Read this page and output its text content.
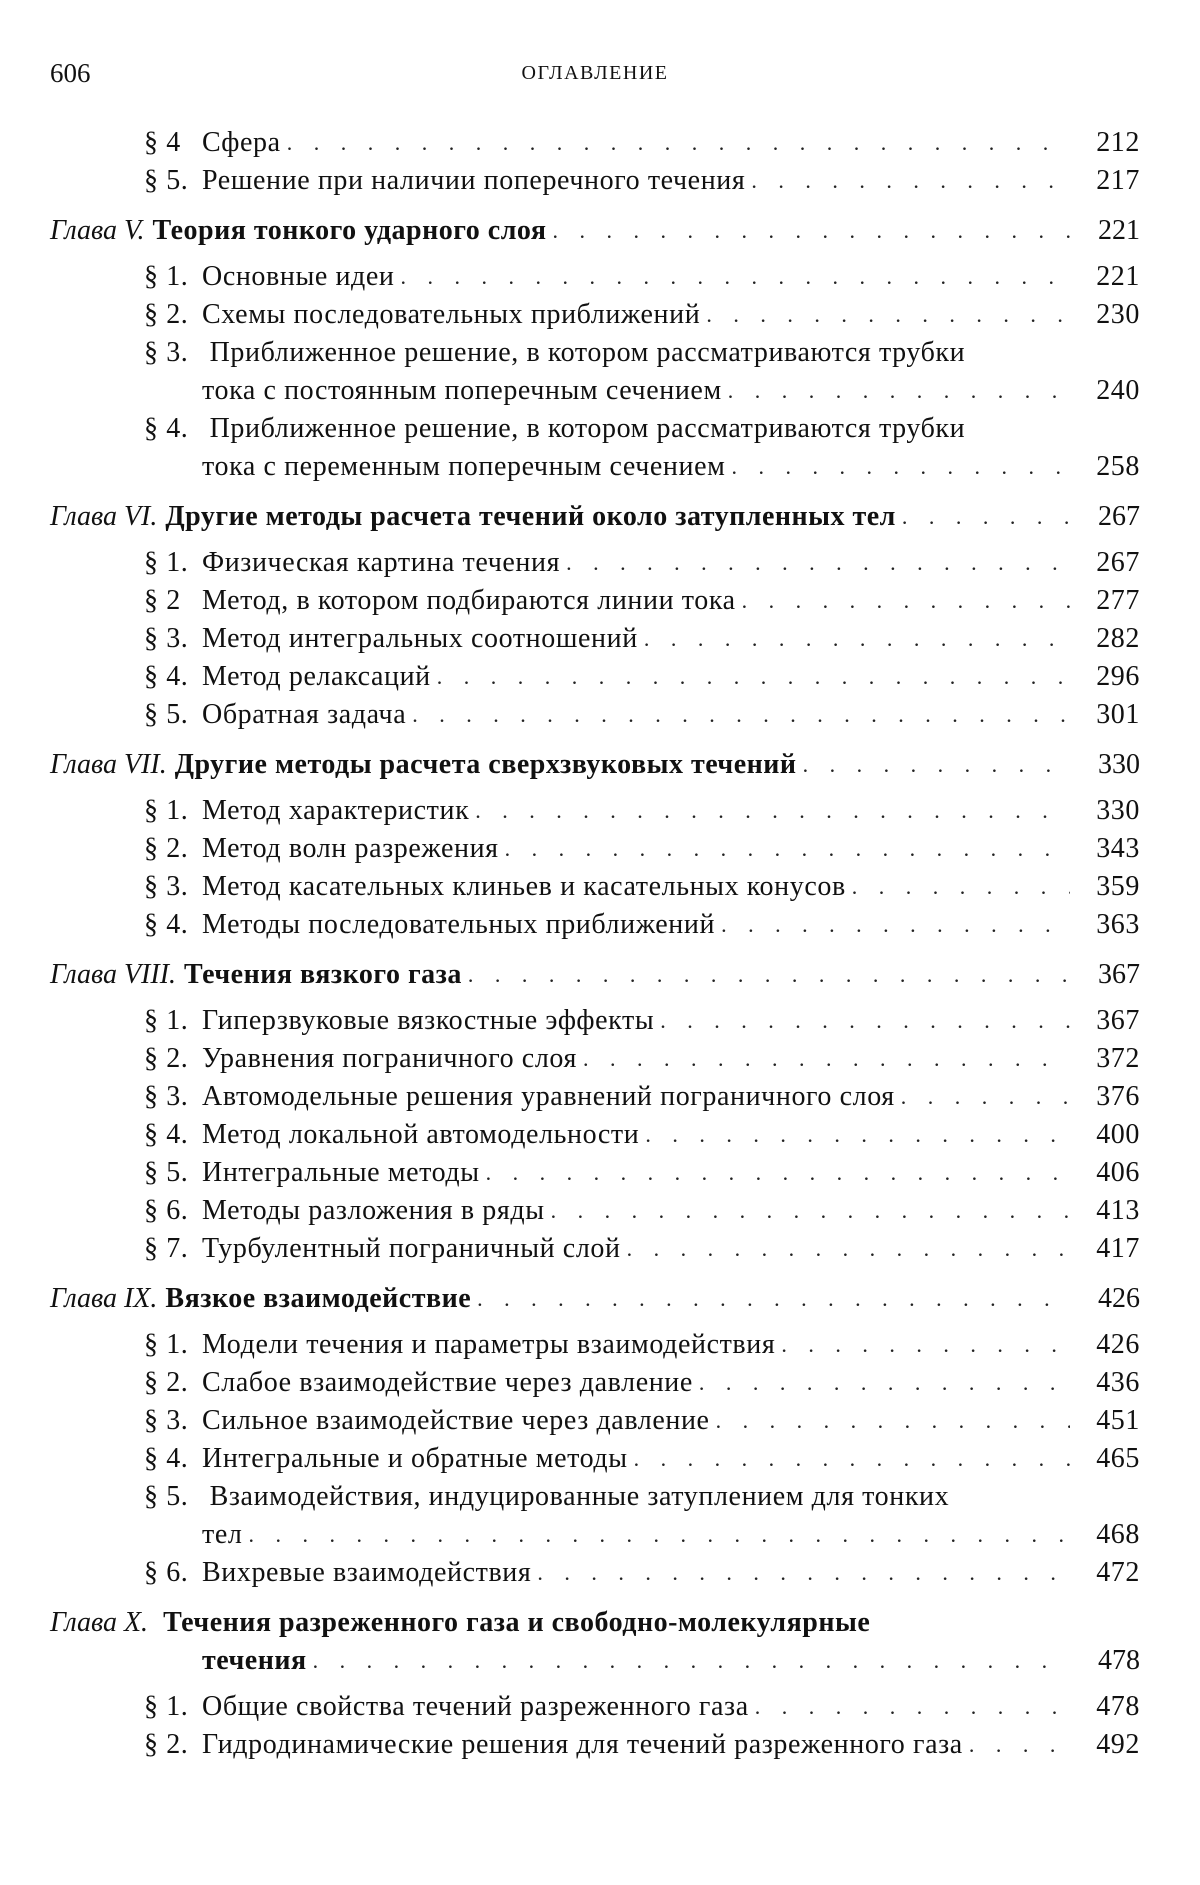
606	ОГЛАВЛЕНИЕ
§ 4 Сфера . . .	212
§ 5. Решение при наличии поперечного течения . . .	217
Глава V. Теория тонкого ударного слоя . . .	221
§ 1. Основные идеи . . .	221
§ 2. Схемы последовательных приближений . . .	230
§ 3. Приближенное решение, в котором рассматриваются трубки
тока с постоянным поперечным сечением . . .	240
§ 4. Приближенное решение, в котором рассматриваются трубки
тока с переменным поперечным сечением . . .	258
Глава VI. Другие методы расчета течений около затупленных тел . . .	267
§ 1. Физическая картина течения . . .	267
§ 2 Метод, в котором подбираются линии тока . . .	277
§ 3. Метод интегральных соотношений . . .	282
§ 4. Метод релаксаций . . .	296
§ 5. Обратная задача . . .	301
Глава VII. Другие методы расчета сверхзвуковых течений . . .	330
§ 1. Метод характеристик . . .	330
§ 2. Метод волн разрежения . . .	343
§ 3. Метод касательных клиньев и касательных конусов . . .	359
§ 4. Методы последовательных приближений . . .	363
Глава VIII. Течения вязкого газа . . .	367
§ 1. Гиперзвуковые вязкостные эффекты . . .	367
§ 2. Уравнения пограничного слоя . . .	372
§ 3. Автомодельные решения уравнений пограничного слоя . . .	376
§ 4. Метод локальной автомодельности . . .	400
§ 5. Интегральные методы . . .	406
§ 6. Методы разложения в ряды . . .	413
§ 7. Турбулентный пограничный слой . . .	417
Глава IX. Вязкое взаимодействие . . .	426
§ 1. Модели течения и параметры взаимодействия . . .	426
§ 2. Слабое взаимодействие через давление . . .	436
§ 3. Сильное взаимодействие через давление . . .	451
§ 4. Интегральные и обратные методы . . .	465
§ 5. Взаимодействия, индуцированные затуплением для тонких
тел . . .	468
§ 6. Вихревые взаимодействия . . .	472
Глава X. Течения разреженного газа и свободно-молекулярные
течения . . .	478
§ 1. Общие свойства течений разреженного газа . . .	478
§ 2. Гидродинамические решения для течений разреженного газа . . .	492
